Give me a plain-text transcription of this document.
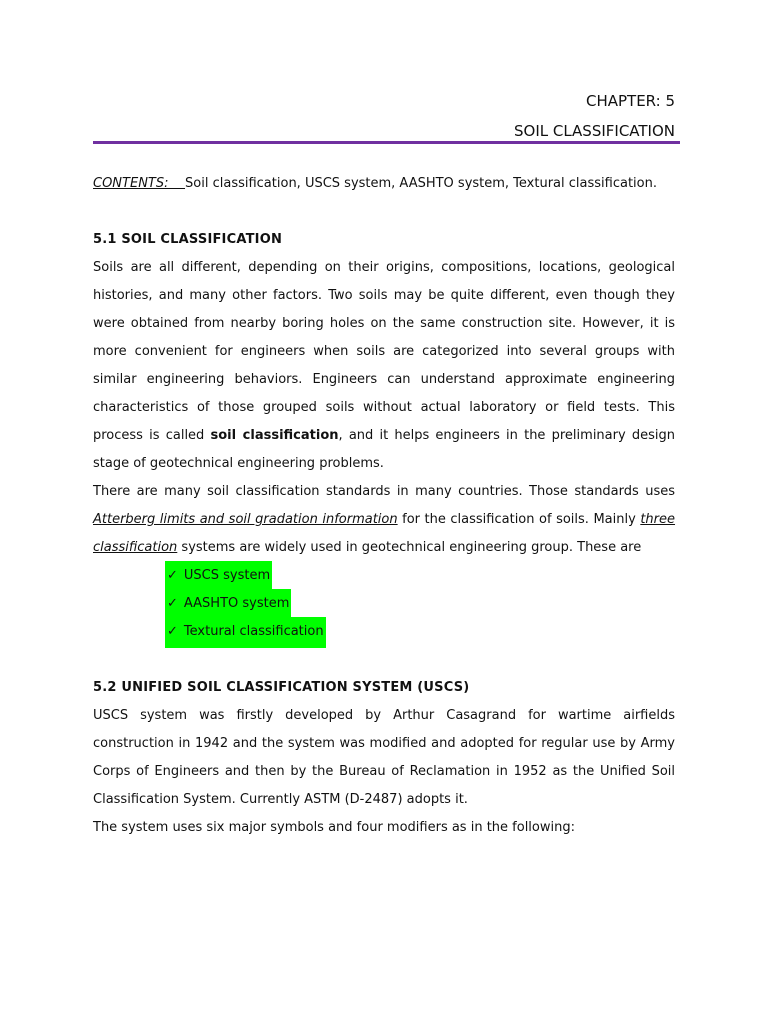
CHAPTER: 5
SOIL CLASSIFICATION

CONTENTS: Soil classification, USCS system, AASHTO system, Textural classification.

5.1 SOIL CLASSIFICATION

Soils are all different, depending on their origins, compositions, locations, geological histories, and many other factors. Two soils may be quite different, even though they were obtained from nearby boring holes on the same construction site. However, it is more convenient for engineers when soils are categorized into several groups with similar engineering behaviors. Engineers can understand approximate engineering characteristics of those grouped soils without actual laboratory or field tests. This process is called soil classification, and it helps engineers in the preliminary design stage of geotechnical engineering problems.

There are many soil classification standards in many countries. Those standards uses Atterberg limits and soil gradation information for the classification of soils. Mainly three classification systems are widely used in geotechnical engineering group. These are

✓ USCS system
✓ AASHTO system
✓ Textural classification

5.2 UNIFIED SOIL CLASSIFICATION SYSTEM (USCS)

USCS system was firstly developed by Arthur Casagrand for wartime airfields construction in 1942 and the system was modified and adopted for regular use by Army Corps of Engineers and then by the Bureau of Reclamation in 1952 as the Unified Soil Classification System. Currently ASTM (D-2487) adopts it.

The system uses six major symbols and four modifiers as in the following:
